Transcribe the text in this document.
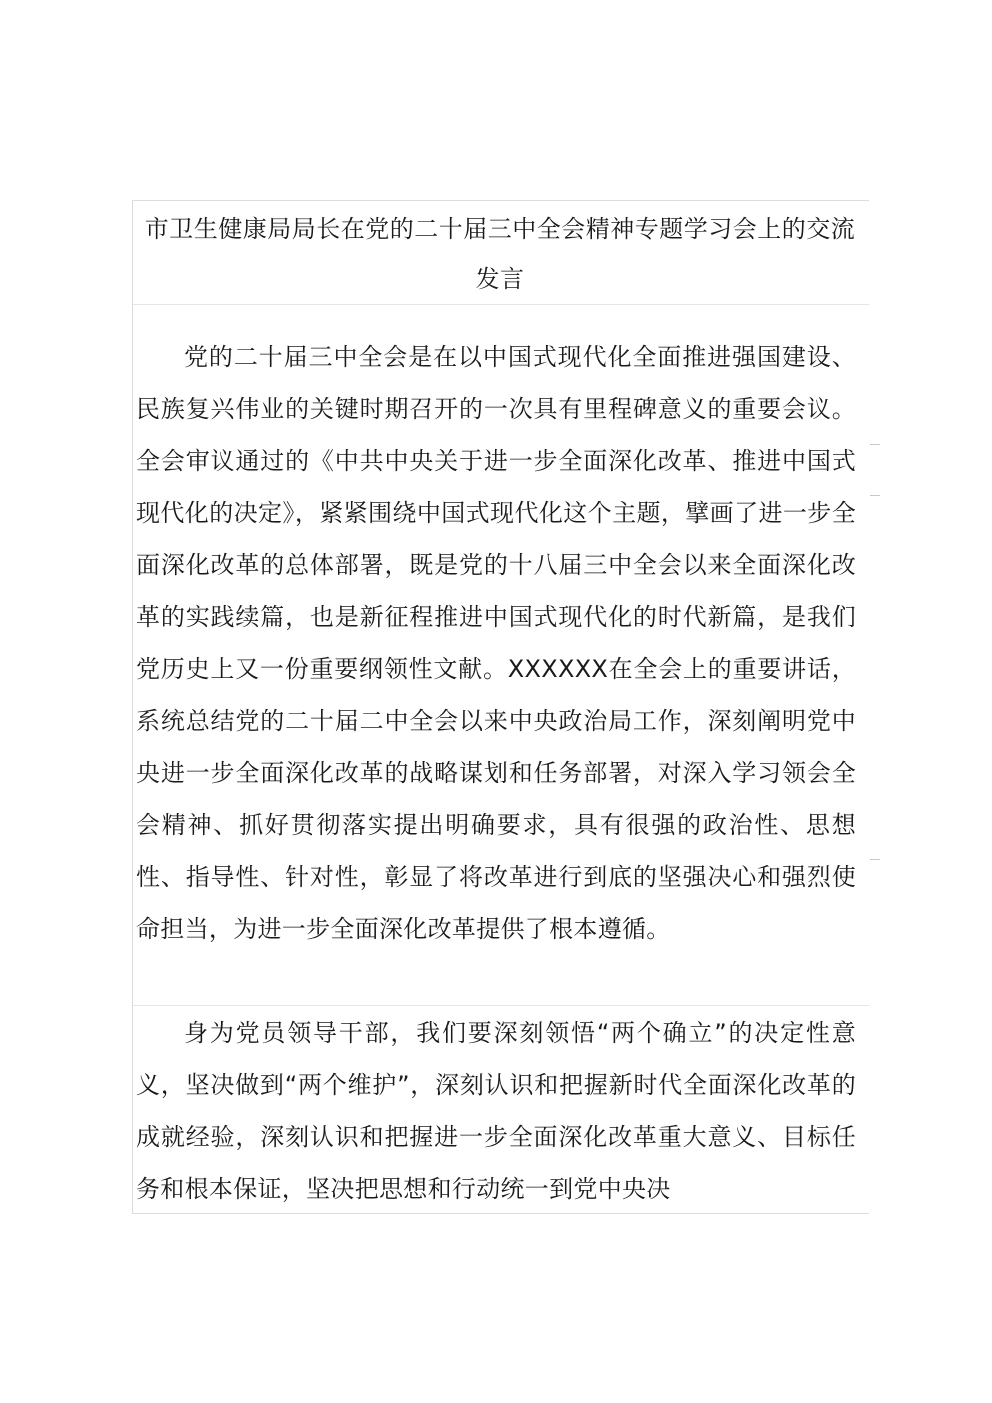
市卫生健康局局长在党的二十届三中全会精神专题学习会上的交流发言

党的二十届三中全会是在以中国式现代化全面推进强国建设、民族复兴伟业的关键时期召开的一次具有里程碑意义的重要会议。全会审议通过的《中共中央关于进一步全面深化改革、推进中国式现代化的决定》，紧紧围绕中国式现代化这个主题，擘画了进一步全面深化改革的总体部署，既是党的十八届三中全会以来全面深化改革的实践续篇，也是新征程推进中国式现代化的时代新篇，是我们党历史上又一份重要纲领性文献。XXXXXX在全会上的重要讲话，系统总结党的二十届二中全会以来中央政治局工作，深刻阐明党中央进一步全面深化改革的战略谋划和任务部署，对深入学习领会全会精神、抓好贯彻落实提出明确要求，具有很强的政治性、思想性、指导性、针对性，彰显了将改革进行到底的坚强决心和强烈使命担当，为进一步全面深化改革提供了根本遵循。

身为党员领导干部，我们要深刻领悟“两个确立”的决定性意义，坚决做到“两个维护”，深刻认识和把握新时代全面深化改革的成就经验，深刻认识和把握进一步全面深化改革重大意义、目标任务和根本保证，坚决把思想和行动统一到党中央决
